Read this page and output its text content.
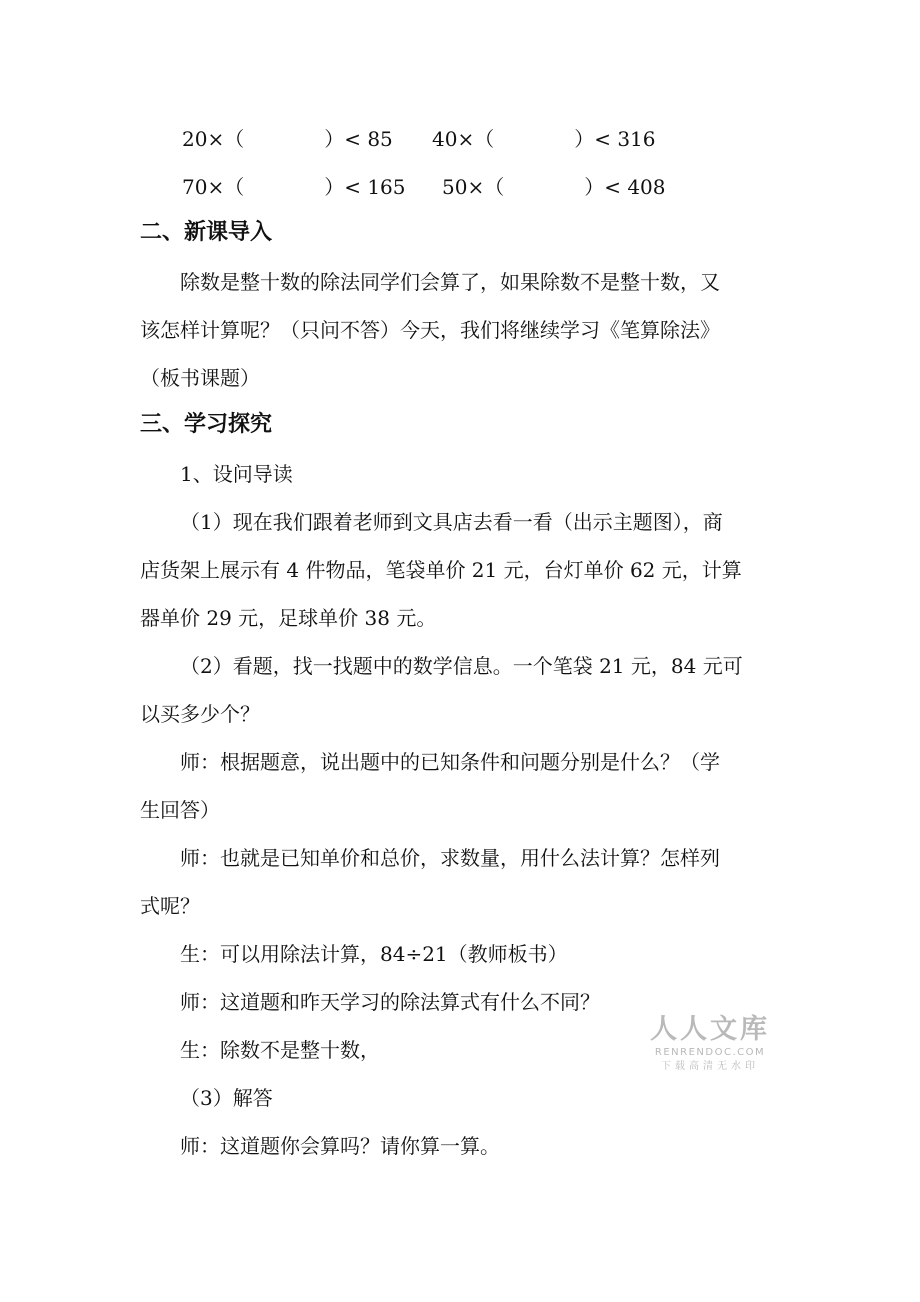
20×（　　　　）< 85 40×（　　　　）< 316
70×（　　　　）< 165 50×（　　　　）< 408
二、新课导入
除数是整十数的除法同学们会算了，如果除数不是整十数，又
该怎样计算呢？（只问不答）今天，我们将继续学习《笔算除法》
（板书课题）
三、学习探究
1、设问导读
（1）现在我们跟着老师到文具店去看一看（出示主题图），商
店货架上展示有 4 件物品，笔袋单价 21 元，台灯单价 62 元，计算
器单价 29 元，足球单价 38 元。
（2）看题，找一找题中的数学信息。一个笔袋 21 元，84 元可
以买多少个？
师：根据题意，说出题中的已知条件和问题分别是什么？（学
生回答）
师：也就是已知单价和总价，求数量，用什么法计算？怎样列
式呢？
生：可以用除法计算，84÷21（教师板书）
师：这道题和昨天学习的除法算式有什么不同？
生：除数不是整十数，
（3）解答
师：这道题你会算吗？请你算一算。
人人文库
RENRENDOC.COM
下载高清无水印
